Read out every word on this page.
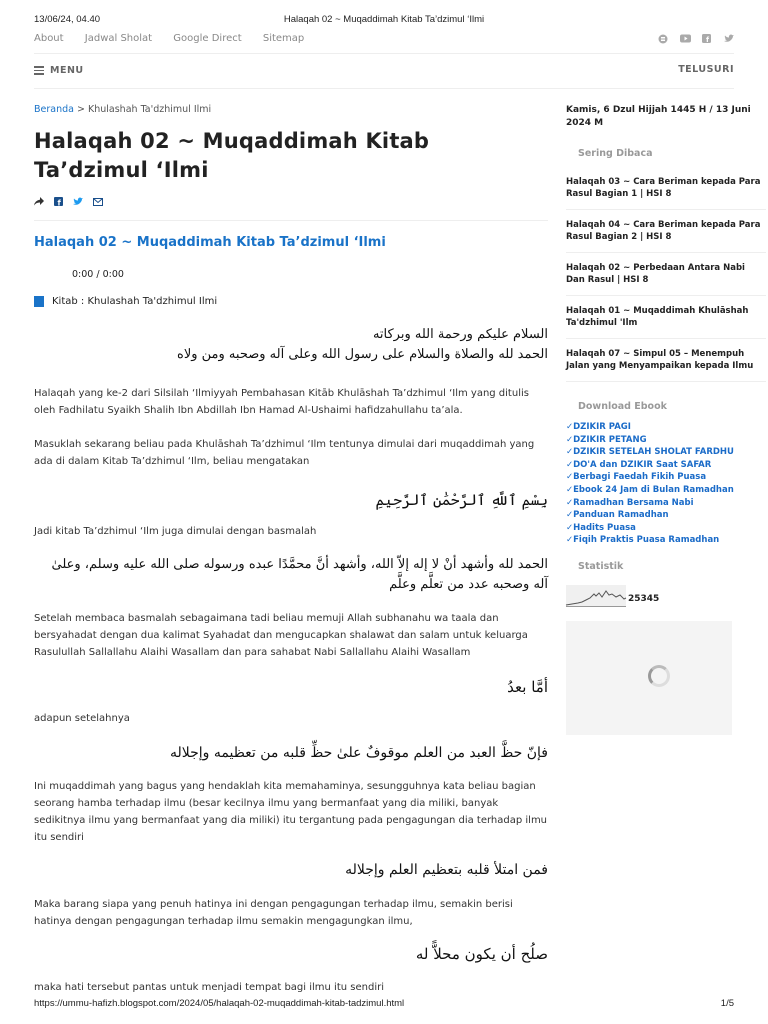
13/06/24, 04.40	Halaqah 02 ~ Muqaddimah Kitab Ta’dzimul ‘Ilmi
About Jadwal Sholat Google Direct Sitemap	f
MENU	TELUSURI
Beranda > Khulashah Ta'dzhimul Ilmi
Halaqah 02 ~ Muqaddimah Kitab Ta’dzimul ‘Ilmi
f
Halaqah 02 ~ Muqaddimah Kitab Ta’dzimul ‘Ilmi
0:00 / 0:00
Kitab : Khulashah Ta'dzhimul Ilmi
السلام عليكم ورحمة الله وبركاته
الحمد لله والصلاة والسلام على رسول الله وعلى آله وصحبه ومن ولاه

Halaqah yang ke-2 dari Silsilah ‘Ilmiyyah Pembahasan Kitāb Khulāshah Ta’dzhimul ‘Ilm yang ditulis oleh Fadhilatu Syaikh Shalih Ibn Abdillah Ibn Hamad Al-Ushaimi hafidzahullahu ta’ala.

Masuklah sekarang beliau pada Khulāshah Ta’dzhimul ‘Ilm tentunya dimulai dari muqaddimah yang ada di dalam Kitab Ta’dzhimul ‘Ilm, beliau mengatakan

بِسْمِ ٱللَّهِ ٱلرَّحْمَٰنِ ٱلرَّحِيمِ

Jadi kitab Ta’dzhimul ‘Ilm juga dimulai dengan basmalah

الحمد لله وأشهد أنْ لا إله إلاّ الله، وأشهد أنَّ محمَّدًا عبده ورسوله صلى الله عليه وسلم، وعلىٰ آله وصحبه عدد من تعلَّم وعلَّم

Setelah membaca basmalah sebagaimana tadi beliau memuji Allah subhanahu wa taala dan bersyahadat dengan dua kalimat Syahadat dan mengucapkan shalawat dan salam untuk keluarga Rasulullah Sallallahu Alaihi Wasallam dan para sahabat Nabi Sallallahu Alaihi Wasallam

أمَّا بعدُ

adapun setelahnya

فإنّ حظَّ العبد من العلم موقوفٌ علىٰ حظِّ قلبه من تعظيمه وإجلاله

Ini muqaddimah yang bagus yang hendaklah kita memahaminya, sesungguhnya kata beliau bagian seorang hamba terhadap ilmu (besar kecilnya ilmu yang bermanfaat yang dia miliki, banyak sedikitnya ilmu yang bermanfaat yang dia miliki) itu tergantung pada pengagungan dia terhadap ilmu itu sendiri

فمن امتلأ قلبه بتعظيم العلم وإجلاله

Maka barang siapa yang penuh hatinya ini dengan pengagungan terhadap ilmu, semakin berisi hatinya dengan pengagungan terhadap ilmu semakin mengagungkan ilmu,

صلُح أن يكون محلاًّ له

maka hati tersebut pantas untuk menjadi tempat bagi ilmu itu sendiri

Kamis, 6 Dzul Hijjah 1445 H / 13 Juni 2024 M
Sering Dibaca
Halaqah 03 ~ Cara Beriman kepada Para Rasul Bagian 1 | HSI 8
Halaqah 04 ~ Cara Beriman kepada Para Rasul Bagian 2 | HSI 8
Halaqah 02 ~ Perbedaan Antara Nabi Dan Rasul | HSI 8
Halaqah 01 ~ Muqaddimah Khulāshah Ta'dzhimul 'Ilm
Halaqah 07 ~ Simpul 05 – Menempuh Jalan yang Menyampaikan kepada Ilmu
Download Ebook
✓DZIKIR PAGI
✓DZIKIR PETANG
✓DZIKIR SETELAH SHOLAT FARDHU
✓DO'A dan DZIKIR Saat SAFAR
✓Berbagi Faedah Fikih Puasa
✓Ebook 24 Jam di Bulan Ramadhan
✓Ramadhan Bersama Nabi
✓Panduan Ramadhan
✓Hadits Puasa
✓Fiqih Praktis Puasa Ramadhan
Statistik
25345
https://ummu-hafizh.blogspot.com/2024/05/halaqah-02-muqaddimah-kitab-tadzimul.html	1/5
